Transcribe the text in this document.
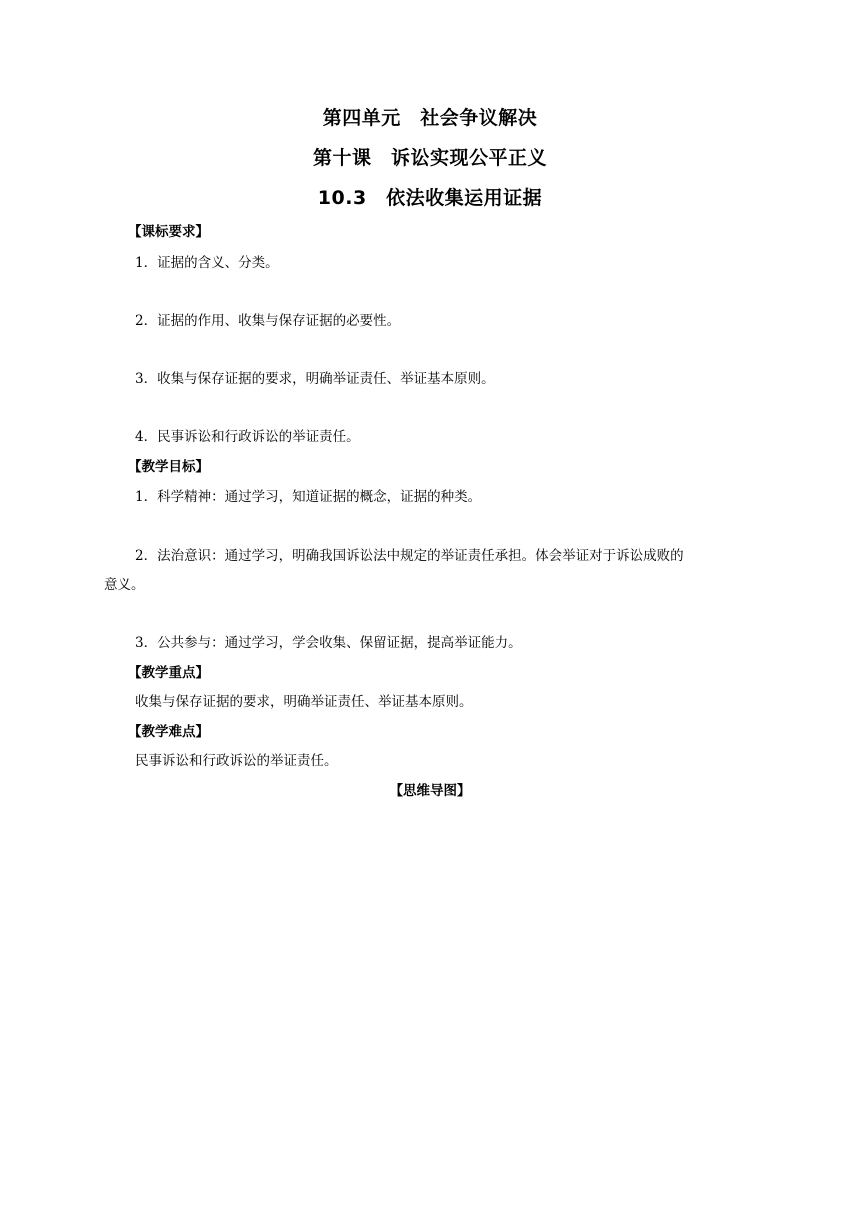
第四单元　社会争议解决
第十课　诉讼实现公平正义
10.3　依法收集运用证据
【课标要求】
1．证据的含义、分类。
2．证据的作用、收集与保存证据的必要性。
3．收集与保存证据的要求，明确举证责任、举证基本原则。
4．民事诉讼和行政诉讼的举证责任。
【教学目标】
1．科学精神：通过学习，知道证据的概念，证据的种类。
2．法治意识：通过学习，明确我国诉讼法中规定的举证责任承担。体会举证对于诉讼成败的
意义。
3．公共参与：通过学习，学会收集、保留证据，提高举证能力。
【教学重点】
收集与保存证据的要求，明确举证责任、举证基本原则。
【教学难点】
民事诉讼和行政诉讼的举证责任。
【思维导图】
